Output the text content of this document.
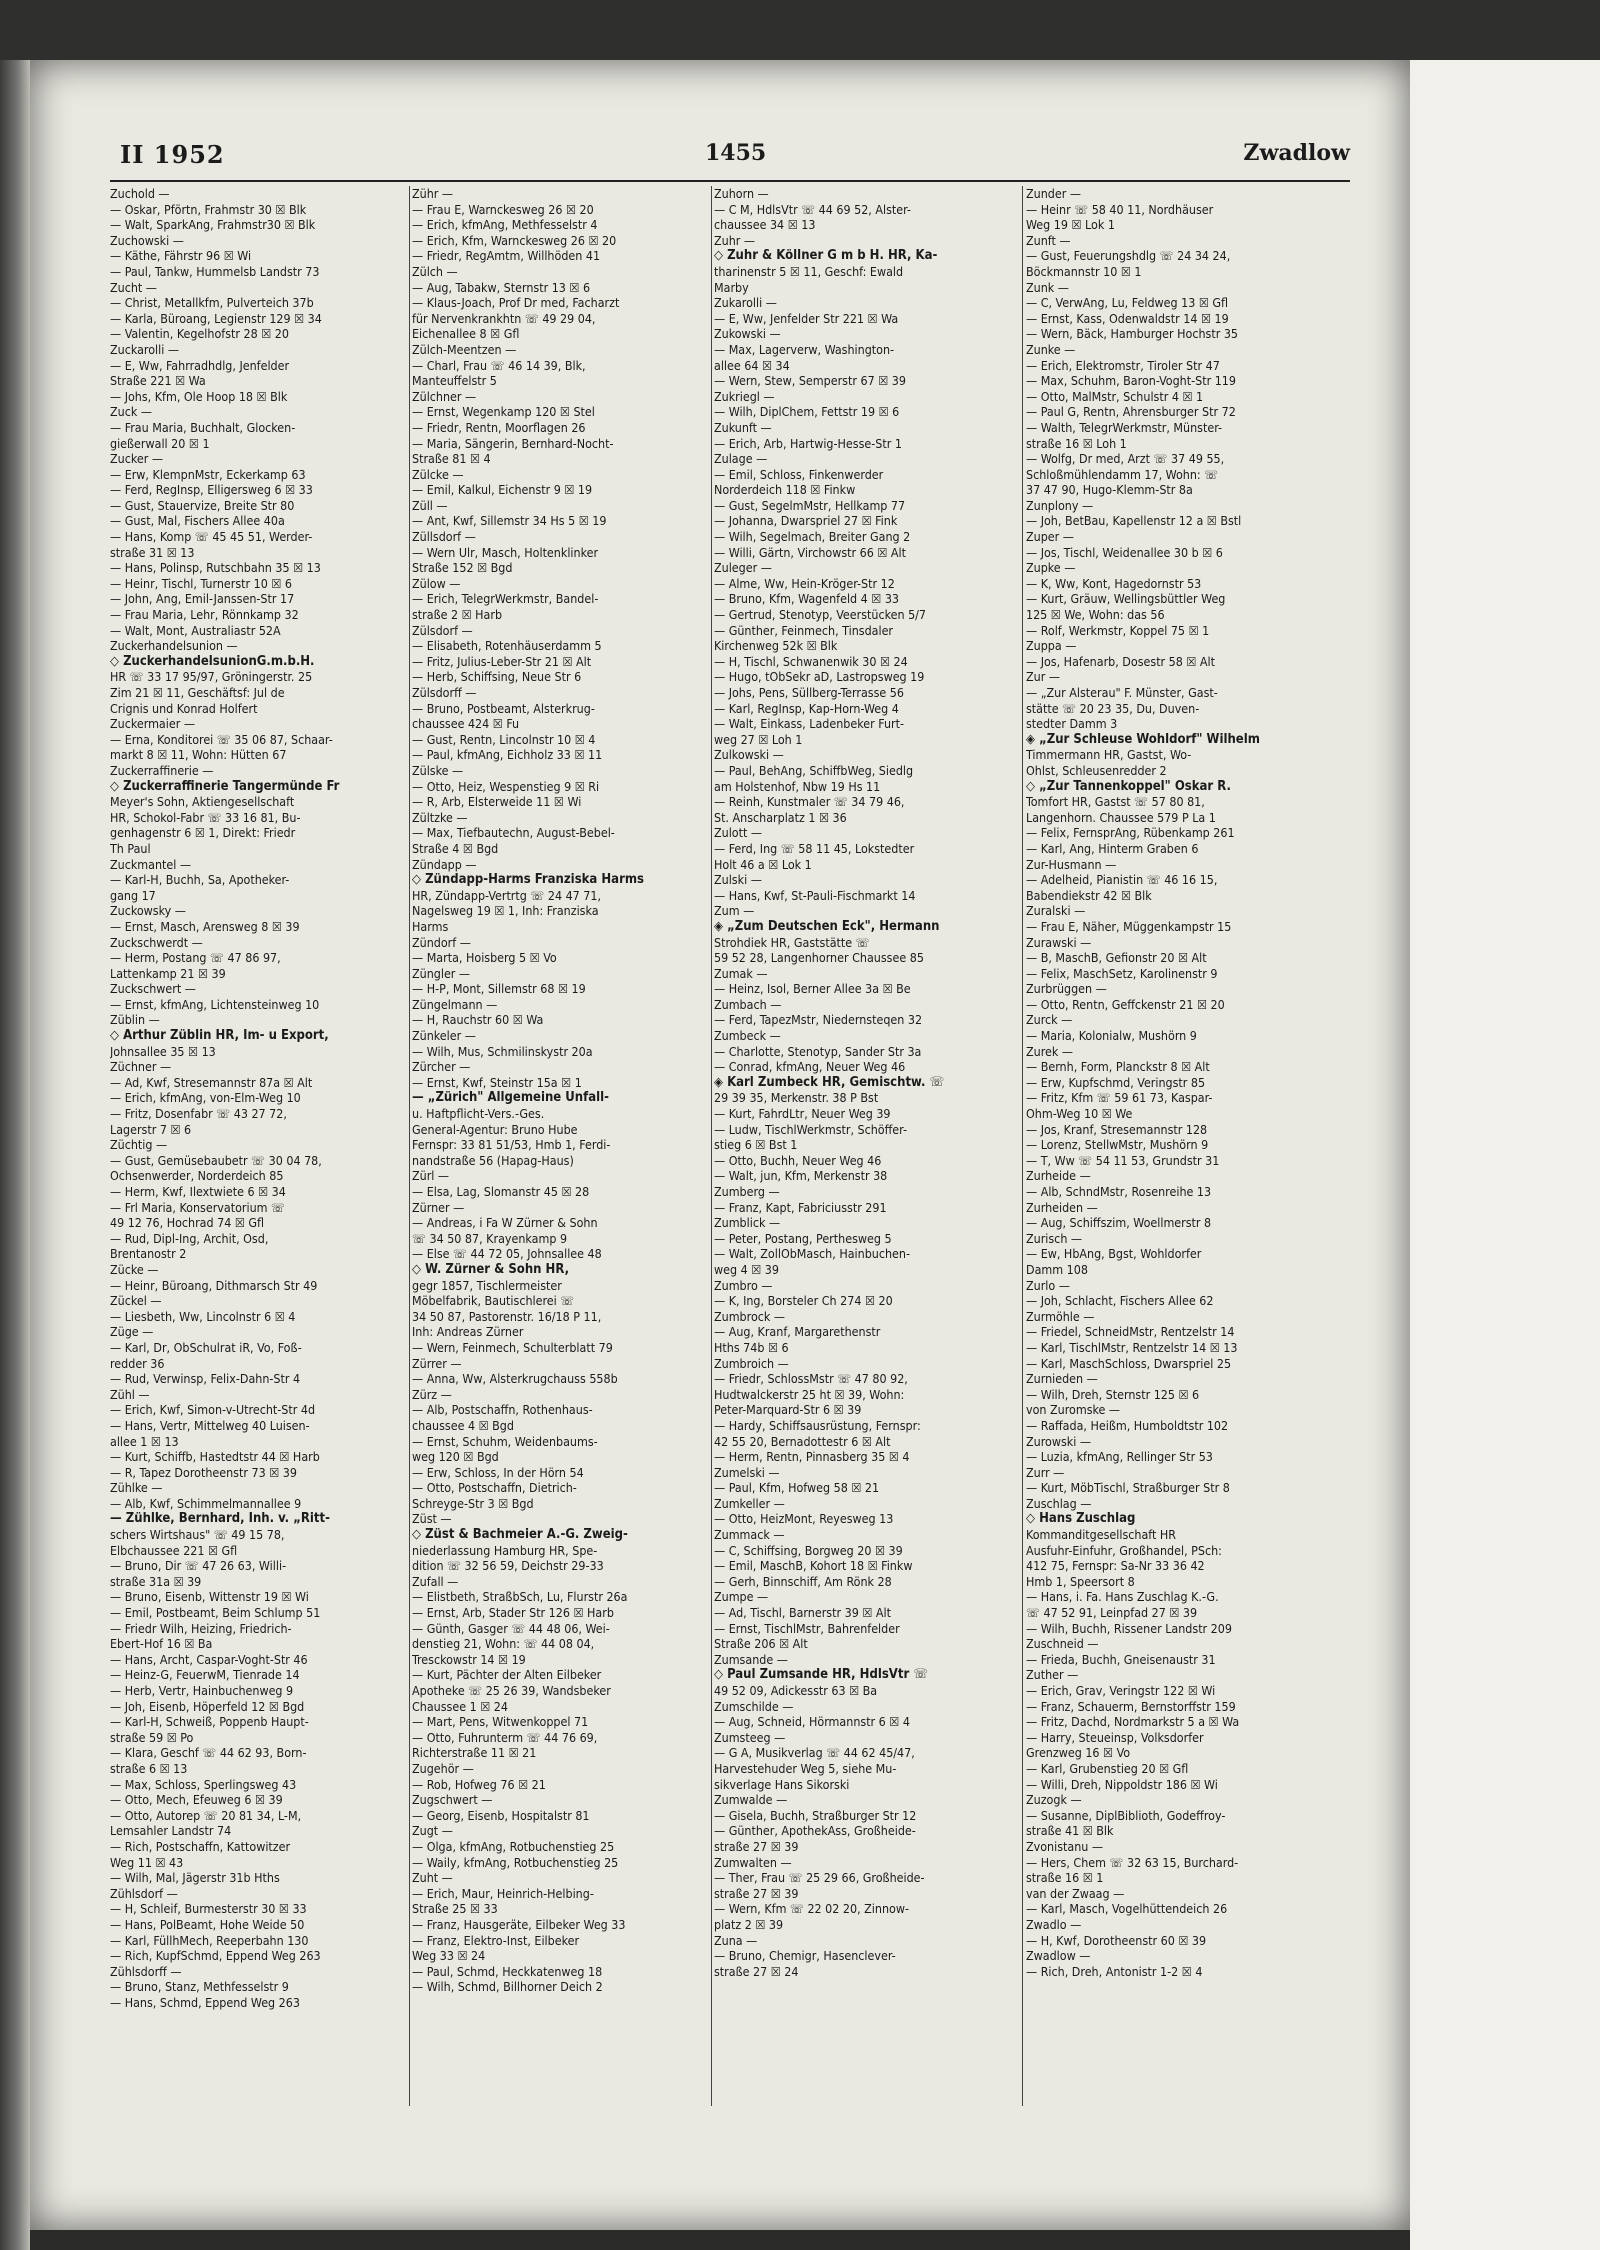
II 1952	1455	Zwadlow
Zuchold —
— Oskar, Pförtn, Frahmstr 30 ☒ Blk
— Walt, SparkAng, Frahmstr30 ☒ Blk
Zuchowski —
— Käthe, Fährstr 96 ☒ Wi
— Paul, Tankw, Hummelsb Landstr 73
Zucht —
— Christ, Metallkfm, Pulverteich 37b
— Karla, Büroang, Legienstr 129 ☒ 34
— Valentin, Kegelhofstr 28 ☒ 20
Zuckarolli —
— E, Ww, Fahrradhdlg, Jenfelder
Straße 221 ☒ Wa
— Johs, Kfm, Ole Hoop 18 ☒ Blk
Zuck —
— Frau Maria, Buchhalt, Glocken-
gießerwall 20 ☒ 1
Zucker —
— Erw, KlempnMstr, Eckerkamp 63
— Ferd, RegInsp, Elligersweg 6 ☒ 33
— Gust, Stauervize, Breite Str 80
— Gust, Mal, Fischers Allee 40a
— Hans, Komp ☏ 45 45 51, Werder-
straße 31 ☒ 13
— Hans, Polinsp, Rutschbahn 35 ☒ 13
— Heinr, Tischl, Turnerstr 10 ☒ 6
— John, Ang, Emil-Janssen-Str 17
— Frau Maria, Lehr, Rönnkamp 32
— Walt, Mont, Australiastr 52A
Zuckerhandelsunion —
◇ ZuckerhandelsunionG.m.b.H.
HR ☏ 33 17 95/97, Gröningerstr. 25
Zim 21 ☒ 11, Geschäftsf: Jul de
Crignis und Konrad Holfert
Zuckermaier —
— Erna, Konditorei ☏ 35 06 87, Schaar-
markt 8 ☒ 11, Wohn: Hütten 67
Zuckerraffinerie —
◇ Zuckerraffinerie Tangermünde Fr
Meyer's Sohn, Aktiengesellschaft
HR, Schokol-Fabr ☏ 33 16 81, Bu-
genhagenstr 6 ☒ 1, Direkt: Friedr
Th Paul
Zuckmantel —
— Karl-H, Buchh, Sa, Apotheker-
gang 17
Zuckowsky —
— Ernst, Masch, Arensweg 8 ☒ 39
Zuckschwerdt —
— Herm, Postang ☏ 47 86 97,
Lattenkamp 21 ☒ 39
Zuckschwert —
— Ernst, kfmAng, Lichtensteinweg 10
Züblin —
◇ Arthur Züblin HR, Im- u Export,
Johnsallee 35 ☒ 13
Züchner —
— Ad, Kwf, Stresemannstr 87a ☒ Alt
— Erich, kfmAng, von-Elm-Weg 10
— Fritz, Dosenfabr ☏ 43 27 72,
Lagerstr 7 ☒ 6
Züchtig —
— Gust, Gemüsebaubetr ☏ 30 04 78,
Ochsenwerder, Norderdeich 85
— Herm, Kwf, Ilextwiete 6 ☒ 34
— Frl Maria, Konservatorium ☏
49 12 76, Hochrad 74 ☒ Gfl
— Rud, Dipl-Ing, Archit, Osd,
Brentanostr 2
Zücke —
— Heinr, Büroang, Dithmarsch Str 49
Zückel —
— Liesbeth, Ww, Lincolnstr 6 ☒ 4
Züge —
— Karl, Dr, ObSchulrat iR, Vo, Foß-
redder 36
— Rud, Verwinsp, Felix-Dahn-Str 4
Zühl —
— Erich, Kwf, Simon-v-Utrecht-Str 4d
— Hans, Vertr, Mittelweg 40 Luisen-
allee 1 ☒ 13
— Kurt, Schiffb, Hastedtstr 44 ☒ Harb
— R, Tapez Dorotheenstr 73 ☒ 39
Zühlke —
— Alb, Kwf, Schimmelmannallee 9
— Zühlke, Bernhard, Inh. v. „Ritt-
schers Wirtshaus" ☏ 49 15 78,
Elbchaussee 221 ☒ Gfl
— Bruno, Dir ☏ 47 26 63, Willi-
straße 31a ☒ 39
— Bruno, Eisenb, Wittenstr 19 ☒ Wi
— Emil, Postbeamt, Beim Schlump 51
— Friedr Wilh, Heizing, Friedrich-
Ebert-Hof 16 ☒ Ba
— Hans, Archt, Caspar-Voght-Str 46
— Heinz-G, FeuerwM, Tienrade 14
— Herb, Vertr, Hainbuchenweg 9
— Joh, Eisenb, Höperfeld 12 ☒ Bgd
— Karl-H, Schweiß, Poppenb Haupt-
straße 59 ☒ Po
— Klara, Geschf ☏ 44 62 93, Born-
straße 6 ☒ 13
— Max, Schloss, Sperlingsweg 43
— Otto, Mech, Efeuweg 6 ☒ 39
— Otto, Autorep ☏ 20 81 34, L-M,
Lemsahler Landstr 74
— Rich, Postschaffn, Kattowitzer
Weg 11 ☒ 43
— Wilh, Mal, Jägerstr 31b Hths
Zühlsdorf —
— H, Schleif, Burmesterstr 30 ☒ 33
— Hans, PolBeamt, Hohe Weide 50
— Karl, FüllhMech, Reeperbahn 130
— Rich, KupfSchmd, Eppend Weg 263
Zühlsdorff —
— Bruno, Stanz, Methfesselstr 9
— Hans, Schmd, Eppend Weg 263
Zühr —
— Frau E, Warnckesweg 26 ☒ 20
— Erich, kfmAng, Methfesselstr 4
— Erich, Kfm, Warnckesweg 26 ☒ 20
— Friedr, RegAmtm, Willhöden 41
Zülch —
— Aug, Tabakw, Sternstr 13 ☒ 6
— Klaus-Joach, Prof Dr med, Facharzt
für Nervenkrankhtn ☏ 49 29 04,
Eichenallee 8 ☒ Gfl
Zülch-Meentzen —
— Charl, Frau ☏ 46 14 39, Blk,
Manteuffelstr 5
Zülchner —
— Ernst, Wegenkamp 120 ☒ Stel
— Friedr, Rentn, Moorflagen 26
— Maria, Sängerin, Bernhard-Nocht-
Straße 81 ☒ 4
Zülcke —
— Emil, Kalkul, Eichenstr 9 ☒ 19
Züll —
— Ant, Kwf, Sillemstr 34 Hs 5 ☒ 19
Züllsdorf —
— Wern Ulr, Masch, Holtenklinker
Straße 152 ☒ Bgd
Zülow —
— Erich, TelegrWerkmstr, Bandel-
straße 2 ☒ Harb
Zülsdorf —
— Elisabeth, Rotenhäuserdamm 5
— Fritz, Julius-Leber-Str 21 ☒ Alt
— Herb, Schiffsing, Neue Str 6
Zülsdorff —
— Bruno, Postbeamt, Alsterkrug-
chaussee 424 ☒ Fu
— Gust, Rentn, Lincolnstr 10 ☒ 4
— Paul, kfmAng, Eichholz 33 ☒ 11
Zülske —
— Otto, Heiz, Wespenstieg 9 ☒ Ri
— R, Arb, Elsterweide 11 ☒ Wi
Zültzke —
— Max, Tiefbautechn, August-Bebel-
Straße 4 ☒ Bgd
Zündapp —
◇ Zündapp-Harms Franziska Harms
HR, Zündapp-Vertrtg ☏ 24 47 71,
Nagelsweg 19 ☒ 1, Inh: Franziska
Harms
Zündorf —
— Marta, Hoisberg 5 ☒ Vo
Züngler —
— H-P, Mont, Sillemstr 68 ☒ 19
Züngelmann —
— H, Rauchstr 60 ☒ Wa
Zünkeler —
— Wilh, Mus, Schmilinskystr 20a
Zürcher —
— Ernst, Kwf, Steinstr 15a ☒ 1
— „Zürich" Allgemeine Unfall-
u. Haftpflicht-Vers.-Ges.
General-Agentur: Bruno Hube
Fernspr: 33 81 51/53, Hmb 1, Ferdi-
nandstraße 56 (Hapag-Haus)
Zürl —
— Elsa, Lag, Slomanstr 45 ☒ 28
Zürner —
— Andreas, i Fa W Zürner & Sohn
☏ 34 50 87, Krayenkamp 9
— Else ☏ 44 72 05, Johnsallee 48
◇ W. Zürner & Sohn HR,
gegr 1857, Tischlermeister
Möbelfabrik, Bautischlerei ☏
34 50 87, Pastorenstr. 16/18 P 11,
Inh: Andreas Zürner
— Wern, Feinmech, Schulterblatt 79
Zürrer —
— Anna, Ww, Alsterkrugchauss 558b
Zürz —
— Alb, Postschaffn, Rothenhaus-
chaussee 4 ☒ Bgd
— Ernst, Schuhm, Weidenbaums-
weg 120 ☒ Bgd
— Erw, Schloss, In der Hörn 54
— Otto, Postschaffn, Dietrich-
Schreyge-Str 3 ☒ Bgd
Züst —
◇ Züst & Bachmeier A.-G. Zweig-
niederlassung Hamburg HR, Spe-
dition ☏ 32 56 59, Deichstr 29-33
Zufall —
— Elistbeth, StraßbSch, Lu, Flurstr 26a
— Ernst, Arb, Stader Str 126 ☒ Harb
— Günth, Gasger ☏ 44 48 06, Wei-
denstieg 21, Wohn: ☏ 44 08 04,
Tresckowstr 14 ☒ 19
— Kurt, Pächter der Alten Eilbeker
Apotheke ☏ 25 26 39, Wandsbeker
Chaussee 1 ☒ 24
— Mart, Pens, Witwenkoppel 71
— Otto, Fuhrunterm ☏ 44 76 69,
Richterstraße 11 ☒ 21
Zugehör —
— Rob, Hofweg 76 ☒ 21
Zugschwert —
— Georg, Eisenb, Hospitalstr 81
Zugt —
— Olga, kfmAng, Rotbuchenstieg 25
— Waily, kfmAng, Rotbuchenstieg 25
Zuht —
— Erich, Maur, Heinrich-Helbing-
Straße 25 ☒ 33
— Franz, Hausgeräte, Eilbeker Weg 33
— Franz, Elektro-Inst, Eilbeker
Weg 33 ☒ 24
— Paul, Schmd, Heckkatenweg 18
— Wilh, Schmd, Billhorner Deich 2
Zuhorn —
— C M, HdlsVtr ☏ 44 69 52, Alster-
chaussee 34 ☒ 13
Zuhr —
◇ Zuhr & Köllner G m b H. HR, Ka-
tharinenstr 5 ☒ 11, Geschf: Ewald
Marby
Zukarolli —
— E, Ww, Jenfelder Str 221 ☒ Wa
Zukowski —
— Max, Lagerverw, Washington-
allee 64 ☒ 34
— Wern, Stew, Semperstr 67 ☒ 39
Zukriegl —
— Wilh, DiplChem, Fettstr 19 ☒ 6
Zukunft —
— Erich, Arb, Hartwig-Hesse-Str 1
Zulage —
— Emil, Schloss, Finkenwerder
Norderdeich 118 ☒ Finkw
— Gust, SegelmMstr, Hellkamp 77
— Johanna, Dwarspriel 27 ☒ Fink
— Wilh, Segelmach, Breiter Gang 2
— Willi, Gärtn, Virchowstr 66 ☒ Alt
Zuleger —
— Alme, Ww, Hein-Kröger-Str 12
— Bruno, Kfm, Wagenfeld 4 ☒ 33
— Gertrud, Stenotyp, Veerstücken 5/7
— Günther, Feinmech, Tinsdaler
Kirchenweg 52k ☒ Blk
— H, Tischl, Schwanenwik 30 ☒ 24
— Hugo, tObSekr aD, Lastropsweg 19
— Johs, Pens, Süllberg-Terrasse 56
— Karl, RegInsp, Kap-Horn-Weg 4
— Walt, Einkass, Ladenbeker Furt-
weg 27 ☒ Loh 1
Zulkowski —
— Paul, BehAng, SchiffbWeg, Siedlg
am Holstenhof, Nbw 19 Hs 11
— Reinh, Kunstmaler ☏ 34 79 46,
St. Anscharplatz 1 ☒ 36
Zulott —
— Ferd, Ing ☏ 58 11 45, Lokstedter
Holt 46 a ☒ Lok 1
Zulski —
— Hans, Kwf, St-Pauli-Fischmarkt 14
Zum —
◈ „Zum Deutschen Eck", Hermann
Strohdiek HR, Gaststätte ☏
59 52 28, Langenhorner Chaussee 85
Zumak —
— Heinz, Isol, Berner Allee 3a ☒ Be
Zumbach —
— Ferd, TapezMstr, Niedernsteqen 32
Zumbeck —
— Charlotte, Stenotyp, Sander Str 3a
— Conrad, kfmAng, Neuer Weg 46
◈ Karl Zumbeck HR, Gemischtw. ☏
29 39 35, Merkenstr. 38 P Bst
— Kurt, FahrdLtr, Neuer Weg 39
— Ludw, TischlWerkmstr, Schöffer-
stieg 6 ☒ Bst 1
— Otto, Buchh, Neuer Weg 46
— Walt, jun, Kfm, Merkenstr 38
Zumberg —
— Franz, Kapt, Fabriciusstr 291
Zumblick —
— Peter, Postang, Perthesweg 5
— Walt, ZollObMasch, Hainbuchen-
weg 4 ☒ 39
Zumbro —
— K, Ing, Borsteler Ch 274 ☒ 20
Zumbrock —
— Aug, Kranf, Margarethenstr
Hths 74b ☒ 6
Zumbroich —
— Friedr, SchlossMstr ☏ 47 80 92,
Hudtwalckerstr 25 ht ☒ 39, Wohn:
Peter-Marquard-Str 6 ☒ 39
— Hardy, Schiffsausrüstung, Fernspr:
42 55 20, Bernadottestr 6 ☒ Alt
— Herm, Rentn, Pinnasberg 35 ☒ 4
Zumelski —
— Paul, Kfm, Hofweg 58 ☒ 21
Zumkeller —
— Otto, HeizMont, Reyesweg 13
Zummack —
— C, Schiffsing, Borgweg 20 ☒ 39
— Emil, MaschB, Kohort 18 ☒ Finkw
— Gerh, Binnschiff, Am Rönk 28
Zumpe —
— Ad, Tischl, Barnerstr 39 ☒ Alt
— Ernst, TischlMstr, Bahrenfelder
Straße 206 ☒ Alt
Zumsande —
◇ Paul Zumsande HR, HdlsVtr ☏
49 52 09, Adickesstr 63 ☒ Ba
Zumschilde —
— Aug, Schneid, Hörmannstr 6 ☒ 4
Zumsteeg —
— G A, Musikverlag ☏ 44 62 45/47,
Harvestehuder Weg 5, siehe Mu-
sikverlage Hans Sikorski
Zumwalde —
— Gisela, Buchh, Straßburger Str 12
— Günther, ApothekAss, Großheide-
straße 27 ☒ 39
Zumwalten —
— Ther, Frau ☏ 25 29 66, Großheide-
straße 27 ☒ 39
— Wern, Kfm ☏ 22 02 20, Zinnow-
platz 2 ☒ 39
Zuna —
— Bruno, Chemigr, Hasenclever-
straße 27 ☒ 24
Zunder —
— Heinr ☏ 58 40 11, Nordhäuser
Weg 19 ☒ Lok 1
Zunft —
— Gust, Feuerungshdlg ☏ 24 34 24,
Böckmannstr 10 ☒ 1
Zunk —
— C, VerwAng, Lu, Feldweg 13 ☒ Gfl
— Ernst, Kass, Odenwaldstr 14 ☒ 19
— Wern, Bäck, Hamburger Hochstr 35
Zunke —
— Erich, Elektromstr, Tiroler Str 47
— Max, Schuhm, Baron-Voght-Str 119
— Otto, MalMstr, Schulstr 4 ☒ 1
— Paul G, Rentn, Ahrensburger Str 72
— Walth, TelegrWerkmstr, Münster-
straße 16 ☒ Loh 1
— Wolfg, Dr med, Arzt ☏ 37 49 55,
Schloßmühlendamm 17, Wohn: ☏
37 47 90, Hugo-Klemm-Str 8a
Zunplony —
— Joh, BetBau, Kapellenstr 12 a ☒ Bstl
Zuper —
— Jos, Tischl, Weidenallee 30 b ☒ 6
Zupke —
— K, Ww, Kont, Hagedornstr 53
— Kurt, Gräuw, Wellingsbüttler Weg
125 ☒ We, Wohn: das 56
— Rolf, Werkmstr, Koppel 75 ☒ 1
Zuppa —
— Jos, Hafenarb, Dosestr 58 ☒ Alt
Zur —
— „Zur Alsterau" F. Münster, Gast-
stätte ☏ 20 23 35, Du, Duven-
stedter Damm 3
◈ „Zur Schleuse Wohldorf" Wilhelm
Timmermann HR, Gastst, Wo-
Ohlst, Schleusenredder 2
◇ „Zur Tannenkoppel" Oskar R.
Tomfort HR, Gastst ☏ 57 80 81,
Langenhorn. Chaussee 579 P La 1
— Felix, FernsprAng, Rübenkamp 261
— Karl, Ang, Hinterm Graben 6
Zur-Husmann —
— Adelheid, Pianistin ☏ 46 16 15,
Babendiekstr 42 ☒ Blk
Zuralski —
— Frau E, Näher, Müggenkampstr 15
Zurawski —
— B, MaschB, Gefionstr 20 ☒ Alt
— Felix, MaschSetz, Karolinenstr 9
Zurbrüggen —
— Otto, Rentn, Geffckenstr 21 ☒ 20
Zurck —
— Maria, Kolonialw, Mushörn 9
Zurek —
— Bernh, Form, Planckstr 8 ☒ Alt
— Erw, Kupfschmd, Veringstr 85
— Fritz, Kfm ☏ 59 61 73, Kaspar-
Ohm-Weg 10 ☒ We
— Jos, Kranf, Stresemannstr 128
— Lorenz, StellwMstr, Mushörn 9
— T, Ww ☏ 54 11 53, Grundstr 31
Zurheide —
— Alb, SchndMstr, Rosenreihe 13
Zurheiden —
— Aug, Schiffszim, Woellmerstr 8
Zurisch —
— Ew, HbAng, Bgst, Wohldorfer
Damm 108
Zurlo —
— Joh, Schlacht, Fischers Allee 62
Zurmöhle —
— Friedel, SchneidMstr, Rentzelstr 14
— Karl, TischlMstr, Rentzelstr 14 ☒ 13
— Karl, MaschSchloss, Dwarspriel 25
Zurnieden —
— Wilh, Dreh, Sternstr 125 ☒ 6
von Zuromske —
— Raffada, Heißm, Humboldtstr 102
Zurowski —
— Luzia, kfmAng, Rellinger Str 53
Zurr —
— Kurt, MöbTischl, Straßburger Str 8
Zuschlag —
◇ Hans Zuschlag
Kommanditgesellschaft HR
Ausfuhr-Einfuhr, Großhandel, PSch:
412 75, Fernspr: Sa-Nr 33 36 42
Hmb 1, Speersort 8
— Hans, i. Fa. Hans Zuschlag K.-G.
☏ 47 52 91, Leinpfad 27 ☒ 39
— Wilh, Buchh, Rissener Landstr 209
Zuschneid —
— Frieda, Buchh, Gneisenaustr 31
Zuther —
— Erich, Grav, Veringstr 122 ☒ Wi
— Franz, Schauerm, Bernstorffstr 159
— Fritz, Dachd, Nordmarkstr 5 a ☒ Wa
— Harry, Steueinsp, Volksdorfer
Grenzweg 16 ☒ Vo
— Karl, Grubenstieg 20 ☒ Gfl
— Willi, Dreh, Nippoldstr 186 ☒ Wi
Zuzogk —
— Susanne, DiplBiblioth, Godeffroy-
straße 41 ☒ Blk
Zvonistanu —
— Hers, Chem ☏ 32 63 15, Burchard-
straße 16 ☒ 1
van der Zwaag —
— Karl, Masch, Vogelhüttendeich 26
Zwadlo —
— H, Kwf, Dorotheenstr 60 ☒ 39
Zwadlow —
— Rich, Dreh, Antonistr 1-2 ☒ 4
